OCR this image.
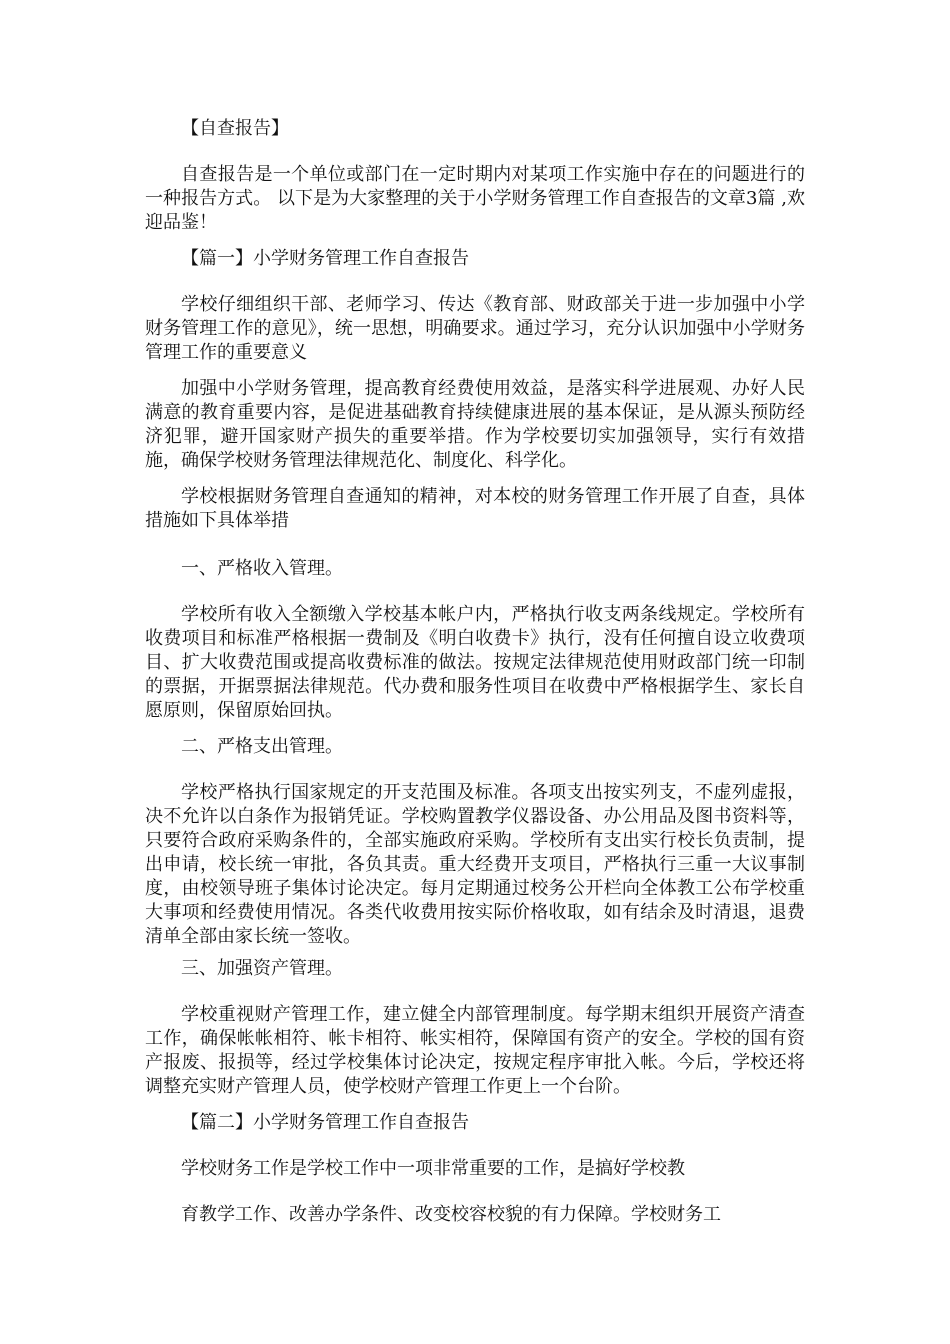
【自查报告】

自查报告是一个单位或部门在一定时期内对某项工作实施中存在的问题进行的一种报告方式。 以下是为大家整理的关于小学财务管理工作自查报告的文章3篇 ,欢迎品鉴！

【篇一】小学财务管理工作自查报告

学校仔细组织干部、老师学习、传达《教育部、财政部关于进一步加强中小学财务管理工作的意见》，统一思想，明确要求。通过学习，充分认识加强中小学财务管理工作的重要意义

加强中小学财务管理，提高教育经费使用效益，是落实科学进展观、办好人民满意的教育重要内容，是促进基础教育持续健康进展的基本保证，是从源头预防经济犯罪，避开国家财产损失的重要举措。作为学校要切实加强领导，实行有效措施，确保学校财务管理法律规范化、制度化、科学化。

学校根据财务管理自查通知的精神，对本校的财务管理工作开展了自查，具体措施如下具体举措

一、严格收入管理。

学校所有收入全额缴入学校基本帐户内，严格执行收支两条线规定。学校所有收费项目和标准严格根据一费制及《明白收费卡》执行，没有任何擅自设立收费项目、扩大收费范围或提高收费标准的做法。按规定法律规范使用财政部门统一印制的票据，开据票据法律规范。代办费和服务性项目在收费中严格根据学生、家长自愿原则，保留原始回执。

二、严格支出管理。

学校严格执行国家规定的开支范围及标准。各项支出按实列支，不虚列虚报，决不允许以白条作为报销凭证。学校购置教学仪器设备、办公用品及图书资料等，只要符合政府采购条件的，全部实施政府采购。学校所有支出实行校长负责制，提出申请，校长统一审批，各负其责。重大经费开支项目，严格执行三重一大议事制度，由校领导班子集体讨论决定。每月定期通过校务公开栏向全体教工公布学校重大事项和经费使用情况。各类代收费用按实际价格收取，如有结余及时清退，退费清单全部由家长统一签收。

三、加强资产管理。

学校重视财产管理工作，建立健全内部管理制度。每学期末组织开展资产清查工作，确保帐帐相符、帐卡相符、帐实相符，保障国有资产的安全。学校的国有资产报废、报损等，经过学校集体讨论决定，按规定程序审批入帐。今后，学校还将调整充实财产管理人员，使学校财产管理工作更上一个台阶。

【篇二】小学财务管理工作自查报告

学校财务工作是学校工作中一项非常重要的工作，是搞好学校教

育教学工作、改善办学条件、改变校容校貌的有力保障。学校财务工
